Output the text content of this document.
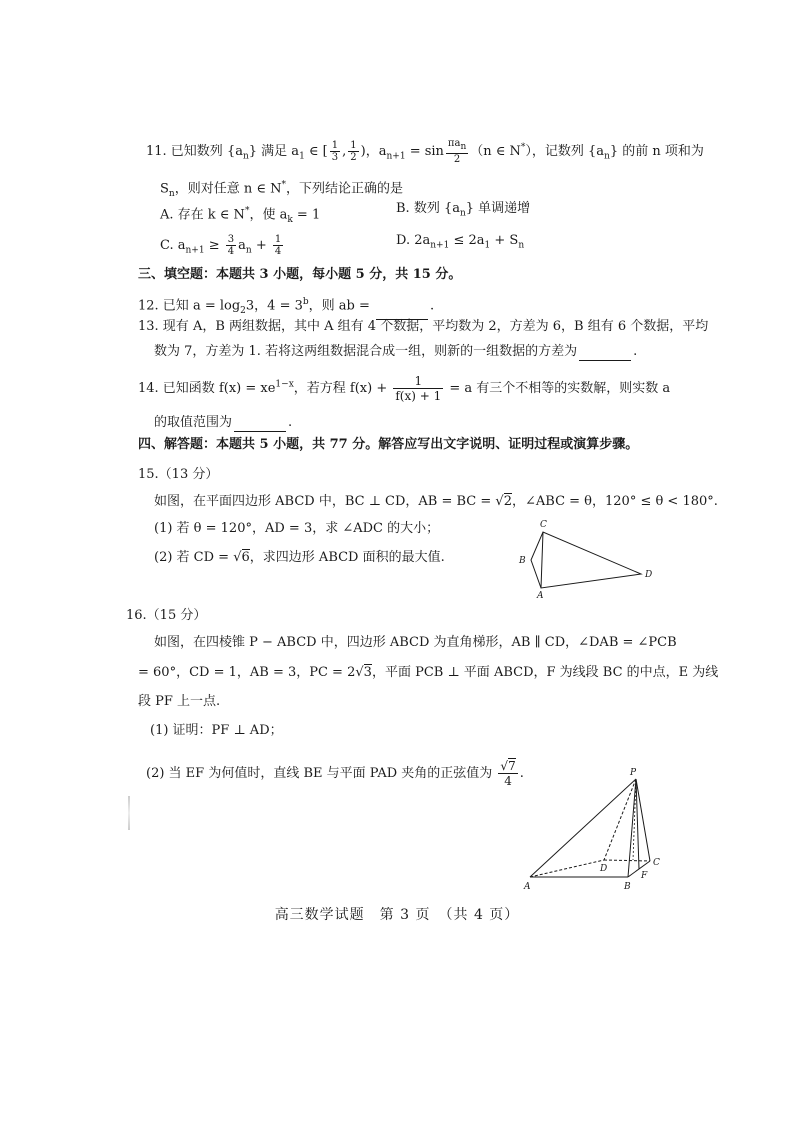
11. 已知数列 $\{a_n\}$ 满足 $a_1$ ∈ [ $\frac{1}{3}$ , $\frac{1}{2}$ )，$a_{n+1} = \sin \frac{\pi a_n}{2} (n$ ∈ N*），记数列 $\{a_n\}$ 的前 n 项和为
$S_n$，则对任意 n ∈ N*，下列结论正确的是
A. 存在 k ∈ N*，使 $a_k = 1$	B. 数列 $\{a_n\}$ 单调递增
C. $a_{n+1} \ge \frac{3}{4} a_n + \frac{1}{4}$	D. $2a_{n+1} \le 2a_1 + S_n$
三、填空题：本题共 3 小题，每小题 5 分，共 15 分。
12. 已知 $a = \log_23$，$4 = 3^b$，则 ab =	.
13. 现有 A，B 两组数据，其中 A 组有 4 个数据，平均数为 2，方差为 6，B 组有 6 个数据，平均
数为 7，方差为 1. 若将这两组数据混合成一组，则新的一组数据的方差为	.
14. 已知函数 $f(x) = xe^{1-x}$，若方程 $f(x) + \frac{1}{f(x) + 1} = a$ 有三个不相等的实数解，则实数 a
的取值范围为	.
四、解答题：本题共 5 小题，共 77 分。解答应写出文字说明、证明过程或演算步骤。
15.（13 分）
如图，在平面四边形 ABCD 中，BC ⊥ CD，AB = BC = √2，∠ABC = θ，120° ≤ θ < 180°.
(1) 若 θ = 120°，AD = 3，求 ∠ADC 的大小；
(2) 若 CD = √6，求四边形 ABCD 面积的最大值.
A
B
C
D
16.（15 分）
如图，在四棱锥 P − ABCD 中，四边形 ABCD 为直角梯形，AB ∥ CD，∠DAB = ∠PCB
= 60°，CD = 1，AB = 3，PC = 2√3，平面 PCB ⊥ 平面 ABCD，F 为线段 BC 的中点，E 为线
段 PF 上一点.
(1) 证明：PF ⊥ AD；
(2) 当 EF 为何值时，直线 BE 与平面 PAD 夹角的正弦值为 $\frac{√7}{4}$ .	P
A	B
C
D
F
高三数学试题　第 3 页　（共 4 页）
